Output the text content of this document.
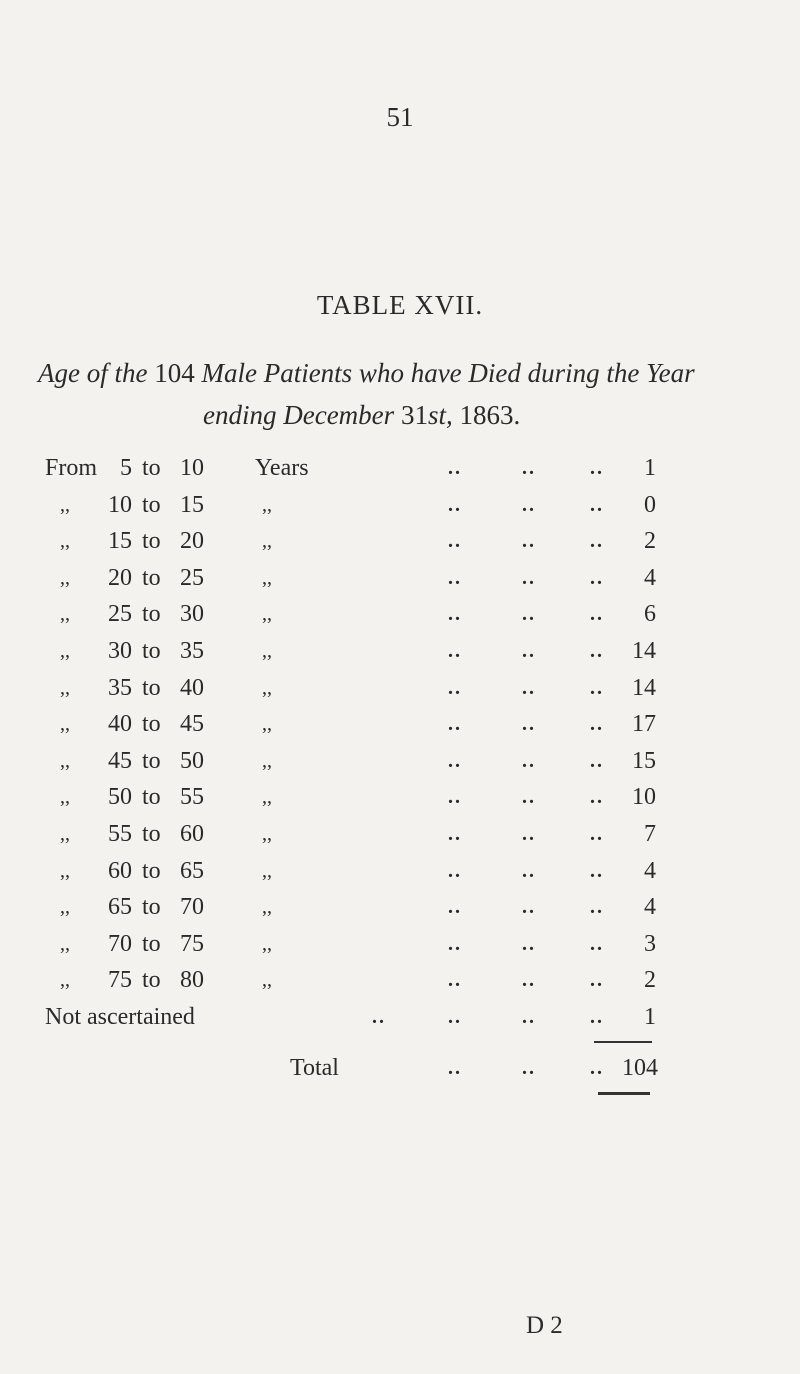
51
TABLE XVII.
Age of the 104 Male Patients who have Died during the Year
ending December 31st, 1863.
From 5 to 10	Years	..	..	..	1
,,	10 to 15	,,	..	..	..	0
,,	15 to 20	,,	..	..	..	2
,,	20 to 25	,,	..	..	..	4
,,	25 to 30	,,	..	..	..	6
,,	30 to 35	,,	..	..	..	14
,,	35 to 40	,,	..	..	..	14
,,	40 to 45	,,	..	..	..	17
,,	45 to 50	,,	..	..	..	15
,,	50 to 55	,,	..	..	..	10
,,	55 to 60	,,	..	..	..	7
,,	60 to 65	,,	..	..	..	4
,,	65 to 70	,,	..	..	..	4
,,	70 to 75	,,	..	..	..	3
,,	75 to 80	,,	..	..	..	2
Not ascertained	..	..	..	..	1
Total	..	..	.. 104
D 2
